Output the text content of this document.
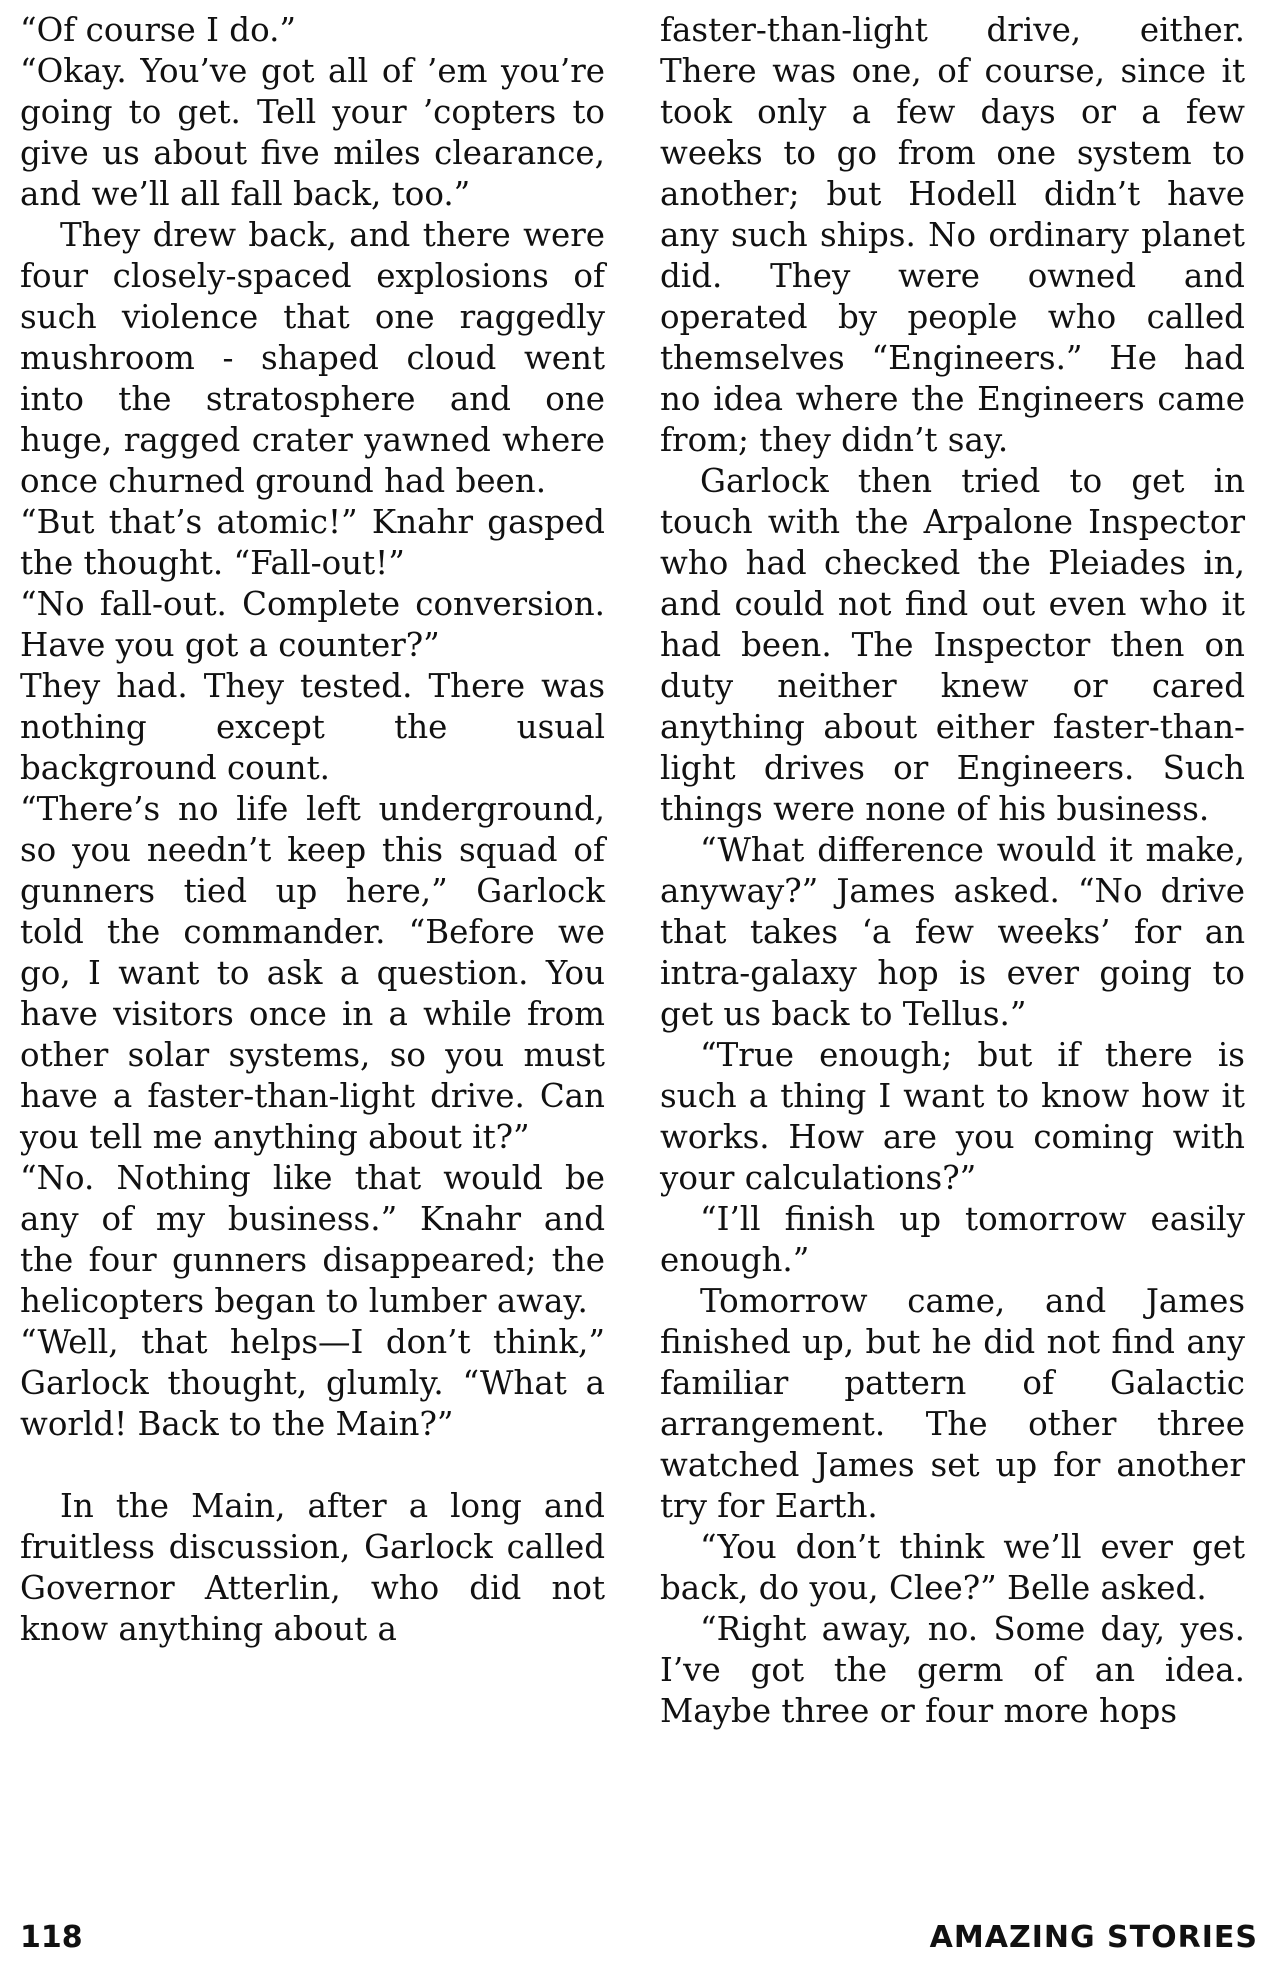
“Of course I do.”

“Okay. You’ve got all of ’em you’re going to get. Tell your ’copters to give us about five miles clearance, and we’ll all fall back, too.”

They drew back, and there were four closely-spaced explosions of such violence that one raggedly mushroom - shaped cloud went into the stratosphere and one huge, ragged crater yawned where once churned ground had been.

“But that’s atomic!” Knahr gasped the thought. “Fall-out!”

“No fall-out. Complete conversion. Have you got a counter?”

They had. They tested. There was nothing except the usual background count.

“There’s no life left underground, so you needn’t keep this squad of gunners tied up here,” Garlock told the commander. “Before we go, I want to ask a question. You have visitors once in a while from other solar systems, so you must have a faster-than-light drive. Can you tell me anything about it?”

“No. Nothing like that would be any of my business.” Knahr and the four gunners disappeared; the helicopters began to lumber away.

“Well, that helps—I don’t think,” Garlock thought, glumly. “What a world! Back to the Main?”

In the Main, after a long and fruitless discussion, Garlock called Governor Atterlin, who did not know anything about a

faster-than-light drive, either. There was one, of course, since it took only a few days or a few weeks to go from one system to another; but Hodell didn’t have any such ships. No ordinary planet did. They were owned and operated by people who called themselves “Engineers.” He had no idea where the Engineers came from; they didn’t say.

Garlock then tried to get in touch with the Arpalone Inspector who had checked the Pleiades in, and could not find out even who it had been. The Inspector then on duty neither knew or cared anything about either faster-than-light drives or Engineers. Such things were none of his business.

“What difference would it make, anyway?” James asked. “No drive that takes ‘a few weeks’ for an intra-galaxy hop is ever going to get us back to Tellus.”

“True enough; but if there is such a thing I want to know how it works. How are you coming with your calculations?”

“I’ll finish up tomorrow easily enough.”

Tomorrow came, and James finished up, but he did not find any familiar pattern of Galactic arrangement. The other three watched James set up for another try for Earth.

“You don’t think we’ll ever get back, do you, Clee?” Belle asked.

“Right away, no. Some day, yes. I’ve got the germ of an idea. Maybe three or four more hops

118	AMAZING STORIES
